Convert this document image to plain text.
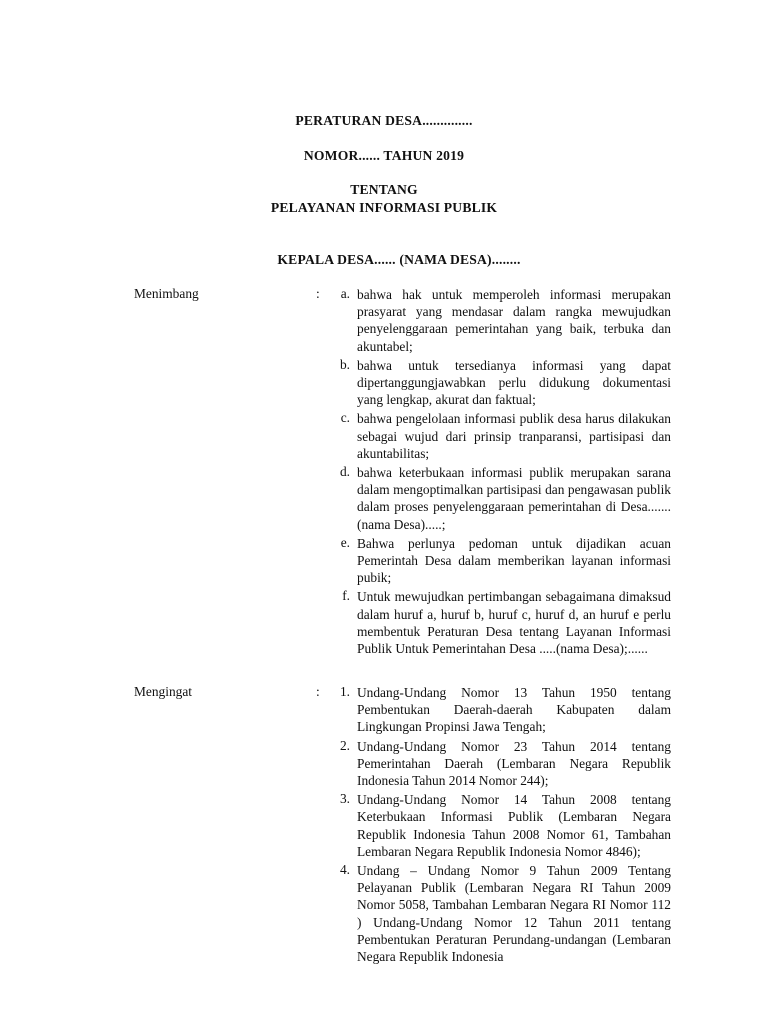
PERATURAN DESA..............
NOMOR...... TAHUN 2019
TENTANG
PELAYANAN INFORMASI PUBLIK
KEPALA DESA...... (NAMA DESA)........
Menimbang	:	a. bahwa hak untuk memperoleh informasi merupakan prasyarat yang mendasar dalam rangka mewujudkan penyelenggaraan pemerintahan yang baik, terbuka dan akuntabel;
b. bahwa untuk tersedianya informasi yang dapat dipertanggungjawabkan perlu didukung dokumentasi yang lengkap, akurat dan faktual;
c. bahwa pengelolaan informasi publik desa harus dilakukan sebagai wujud dari prinsip tranparansi, partisipasi dan akuntabilitas;
d. bahwa keterbukaan informasi publik merupakan sarana dalam mengoptimalkan partisipasi dan pengawasan publik dalam proses penyelenggaraan pemerintahan di Desa....... (nama Desa).....;
e. Bahwa perlunya pedoman untuk dijadikan acuan Pemerintah Desa dalam memberikan layanan informasi pubik;
f. Untuk mewujudkan pertimbangan sebagaimana dimaksud dalam huruf a, huruf b, huruf c, huruf d, an huruf e perlu membentuk Peraturan Desa tentang Layanan Informasi Publik Untuk Pemerintahan Desa .....(nama Desa);......
Mengingat	:	1. Undang-Undang Nomor 13 Tahun 1950 tentang Pembentukan Daerah-daerah Kabupaten dalam Lingkungan Propinsi Jawa Tengah;
2. Undang-Undang Nomor 23 Tahun 2014 tentang Pemerintahan Daerah (Lembaran Negara Republik Indonesia Tahun 2014 Nomor 244);
3. Undang-Undang Nomor 14 Tahun 2008 tentang Keterbukaan Informasi Publik (Lembaran Negara Republik Indonesia Tahun 2008 Nomor 61, Tambahan Lembaran Negara Republik Indonesia Nomor 4846);
4. Undang – Undang Nomor 9 Tahun 2009 Tentang Pelayanan Publik (Lembaran Negara RI Tahun 2009 Nomor 5058, Tambahan Lembaran Negara RI Nomor 112 ) Undang-Undang Nomor 12 Tahun 2011 tentang Pembentukan Peraturan Perundang-undangan (Lembaran Negara Republik Indonesia
